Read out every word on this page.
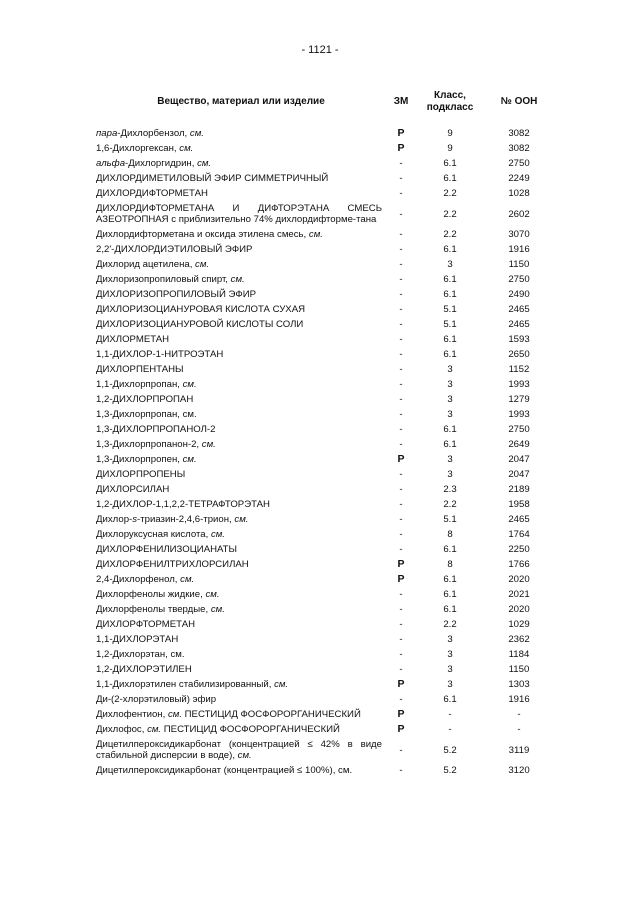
- 1121 -
Вещество, материал или изделие	ЗМ	Класс,
подкласс	№ ООН
пара-Дихлорбензол, см.	P	9	3082
1,6-Дихлоргексан, см.	P	9	3082
альфа-Дихлоргидрин, см.	-	6.1	2750
ДИХЛОРДИМЕТИЛОВЫЙ ЭФИР СИММЕТРИЧНЫЙ	-	6.1	2249
ДИХЛОРДИФТОРМЕТАН	-	2.2	1028
ДИХЛОРДИФТОРМЕТАНА И ДИФТОРЭТАНА СМЕСЬ АЗЕОТРОПНАЯ с приблизительно 74% дихлордифторме-тана	-	2.2	2602
Дихлордифторметана и оксида этилена смесь, см.	-	2.2	3070
2,2'-ДИХЛОРДИЭТИЛОВЫЙ ЭФИР	-	6.1	1916
Дихлорид ацетилена, см.	-	3	1150
Дихлоризопропиловый спирт, см.	-	6.1	2750
ДИХЛОРИЗОПРОПИЛОВЫЙ ЭФИР	-	6.1	2490
ДИХЛОРИЗОЦИАНУРОВАЯ КИСЛОТА СУХАЯ	-	5.1	2465
ДИХЛОРИЗОЦИАНУРОВОЙ КИСЛОТЫ СОЛИ	-	5.1	2465
ДИХЛОРМЕТАН	-	6.1	1593
1,1-ДИХЛОР-1-НИТРОЭТАН	-	6.1	2650
ДИХЛОРПЕНТАНЫ	-	3	1152
1,1-Дихлорпропан, см.	-	3	1993
1,2-ДИХЛОРПРОПАН	-	3	1279
1,3-Дихлорпропан, см.	-	3	1993
1,3-ДИХЛОРПРОПАНОЛ-2	-	6.1	2750
1,3-Дихлорпропанон-2, см.	-	6.1	2649
1,3-Дихлорпропен, см.	P	3	2047
ДИХЛОРПРОПЕНЫ	-	3	2047
ДИХЛОРСИЛАН	-	2.3	2189
1,2-ДИХЛОР-1,1,2,2-ТЕТРАФТОРЭТАН	-	2.2	1958
Дихлор-s-триазин-2,4,6-трион, см.	-	5.1	2465
Дихлоруксусная кислота, см.	-	8	1764
ДИХЛОРФЕНИЛИЗОЦИАНАТЫ	-	6.1	2250
ДИХЛОРФЕНИЛТРИХЛОРСИЛАН	P	8	1766
2,4-Дихлорфенол, см.	P	6.1	2020
Дихлорфенолы жидкие, см.	-	6.1	2021
Дихлорфенолы твердые, см.	-	6.1	2020
ДИХЛОРФТОРМЕТАН	-	2.2	1029
1,1-ДИХЛОРЭТАН	-	3	2362
1,2-Дихлорэтан, см.	-	3	1184
1,2-ДИХЛОРЭТИЛЕН	-	3	1150
1,1-Дихлорэтилен стабилизированный, см.	P	3	1303
Ди-(2-хлорэтиловый) эфир	-	6.1	1916
Дихлофентион, см. ПЕСТИЦИД ФОСФОРОРГАНИЧЕСКИЙ	P	-	-
Дихлофос, см. ПЕСТИЦИД ФОСФОРОРГАНИЧЕСКИЙ	P	-	-
Дицетилпероксидикарбонат (концентрацией ≤ 42% в виде стабильной дисперсии в воде), см.	-	5.2	3119
Дицетилпероксидикарбонат (концентрацией ≤ 100%), см.	-	5.2	3120
